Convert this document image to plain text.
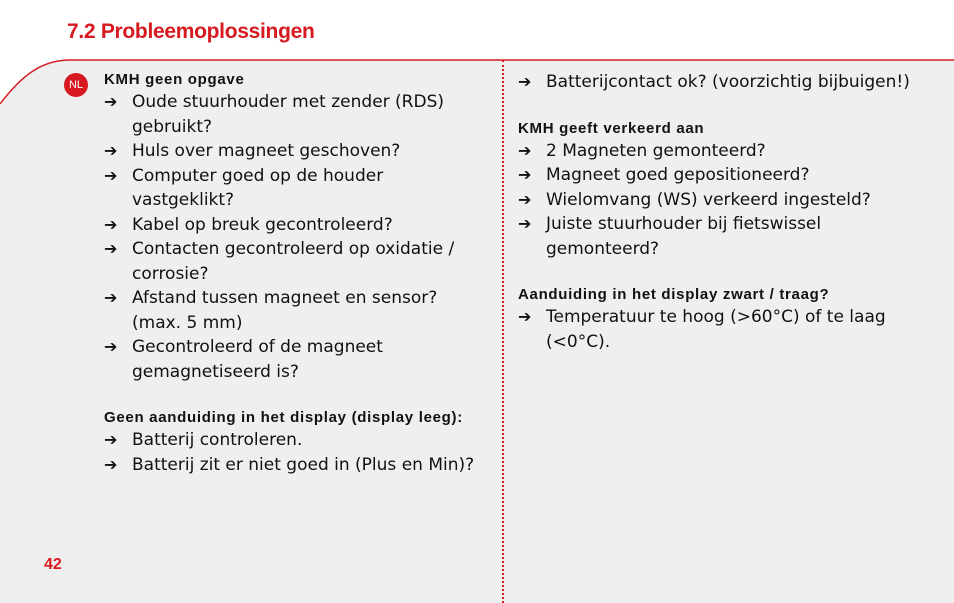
7.2 Probleemoplossingen
NL	KMH geen opgave
➔ Oude stuurhouder met zender (RDS) gebruikt?
➔ Huls over magneet geschoven?
➔ Computer goed op de houder vastgeklikt?
➔ Kabel op breuk gecontroleerd?
➔ Contacten gecontroleerd op oxidatie / corrosie?
➔ Afstand tussen magneet en sensor? (max. 5 mm)
➔ Gecontroleerd of de magneet gemagnetiseerd is?
Geen aanduiding in het display (display leeg):
➔ Batterij controleren.
➔ Batterij zit er niet goed in (Plus en Min)?
➔ Batterijcontact ok? (voorzichtig bijbuigen!)
KMH geeft verkeerd aan
➔ 2 Magneten gemonteerd?
➔ Magneet goed gepositioneerd?
➔ Wielomvang (WS) verkeerd ingesteld?
➔ Juiste stuurhouder bij fietswissel gemonteerd?
Aanduiding in het display zwart / traag?
➔ Temperatuur te hoog (>60°C) of te laag (<0°C).
42
